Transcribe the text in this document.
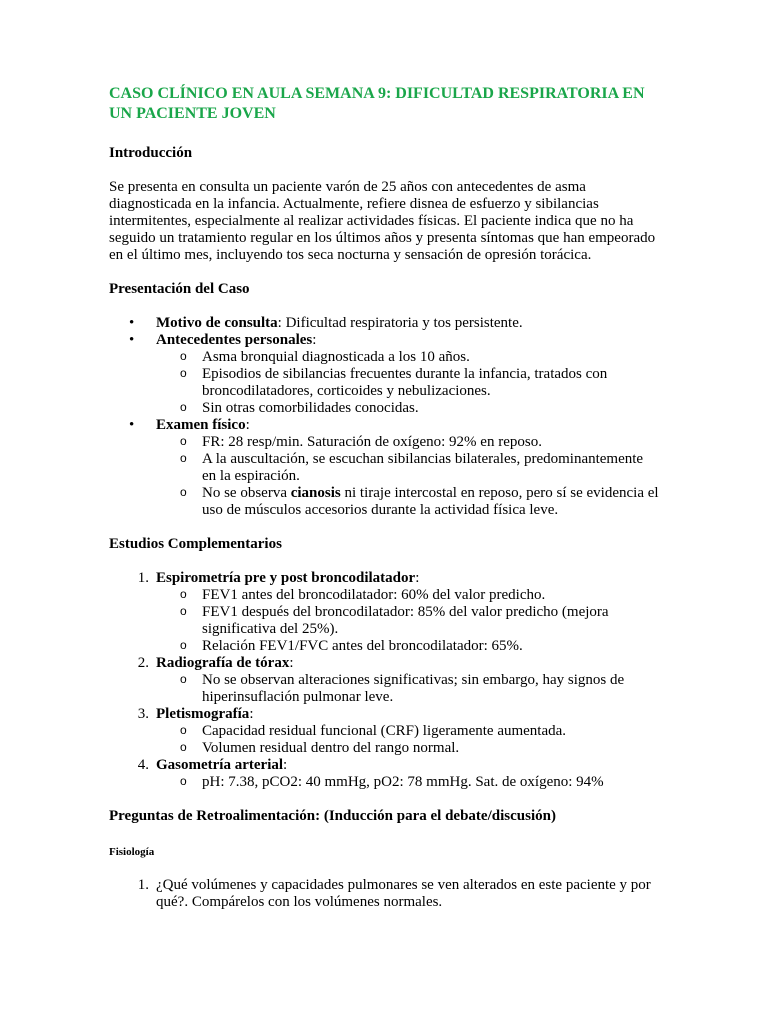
CASO CLÍNICO EN AULA SEMANA 9: DIFICULTAD RESPIRATORIA EN UN PACIENTE JOVEN
Introducción

Se presenta en consulta un paciente varón de 25 años con antecedentes de asma diagnosticada en la infancia. Actualmente, refiere disnea de esfuerzo y sibilancias intermitentes, especialmente al realizar actividades físicas. El paciente indica que no ha seguido un tratamiento regular en los últimos años y presenta síntomas que han empeorado en el último mes, incluyendo tos seca nocturna y sensación de opresión torácica.

Presentación del Caso
• Motivo de consulta: Dificultad respiratoria y tos persistente.
• Antecedentes personales:
o Asma bronquial diagnosticada a los 10 años.
o Episodios de sibilancias frecuentes durante la infancia, tratados con broncodilatadores, corticoides y nebulizaciones.
o Sin otras comorbilidades conocidas.
• Examen físico:
o FR: 28 resp/min. Saturación de oxígeno: 92% en reposo.
o A la auscultación, se escuchan sibilancias bilaterales, predominantemente en la espiración.
o No se observa cianosis ni tiraje intercostal en reposo, pero sí se evidencia el uso de músculos accesorios durante la actividad física leve.
Estudios Complementarios
1. Espirometría pre y post broncodilatador:
o FEV1 antes del broncodilatador: 60% del valor predicho.
o FEV1 después del broncodilatador: 85% del valor predicho (mejora significativa del 25%).
o Relación FEV1/FVC antes del broncodilatador: 65%.
2. Radiografía de tórax:
o No se observan alteraciones significativas; sin embargo, hay signos de hiperinsuflación pulmonar leve.
3. Pletismografía:
o Capacidad residual funcional (CRF) ligeramente aumentada.
o Volumen residual dentro del rango normal.
4. Gasometría arterial:
o pH: 7.38, pCO2: 40 mmHg, pO2: 78 mmHg. Sat. de oxígeno: 94%
Preguntas de Retroalimentación: (Inducción para el debate/discusión)
Fisiología
1. ¿Qué volúmenes y capacidades pulmonares se ven alterados en este paciente y por qué?. Compárelos con los volúmenes normales.
